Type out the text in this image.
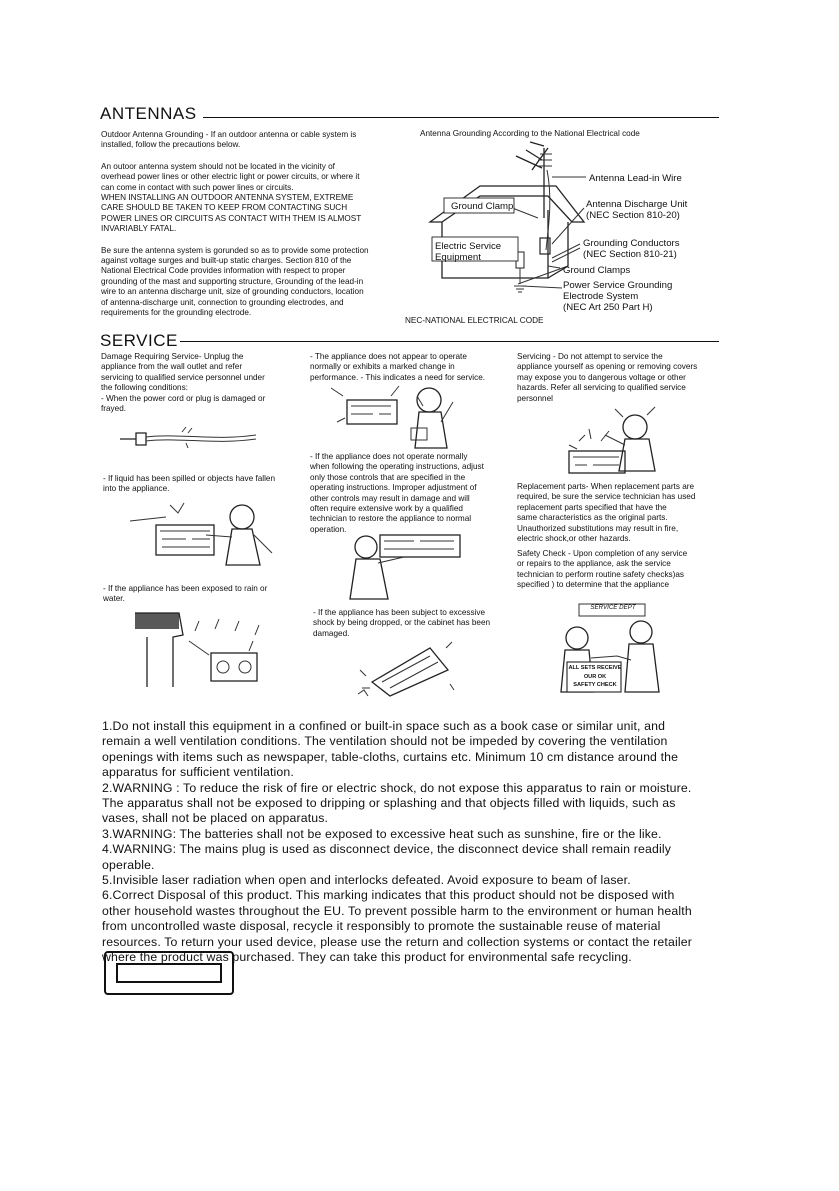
ANTENNAS

Outdoor Antenna Grounding - If an outdoor antenna or cable system is
installed, follow the precautions below.

An outoor antenna system should not be located in the vicinity of
overhead power lines or other electric light or power circuits, or where it
can come in contact with such power lines or circuits.
WHEN INSTALLING AN OUTDOOR ANTENNA SYSTEM, EXTREME
CARE SHOULD BE TAKEN TO KEEP FROM CONTACTING SUCH
POWER LINES OR CIRCUITS AS CONTACT WITH THEM IS ALMOST
INVARIABLY FATAL.

Be sure the antenna system is gorunded so as to provide some protection
against voltage surges and built-up static charges. Section 810 of the
National Electrical Code provides information with respect to proper
grounding of the mast and supporting structure, Grounding of the lead-in
wire to an antenna discharge unit, size of grounding conductors, location
of antenna-discharge unit, connection to grounding electrodes, and
requirements for the grounding electrode.

Antenna Grounding According to the National Electrical code
Ground Clamp
Antenna Lead-in Wire
Antenna Discharge Unit
(NEC Section 810-20)
Electric Service
Equipment
Grounding Conductors
(NEC Section 810-21)
Ground Clamps
Power Service Grounding
Electrode System
(NEC Art 250 Part H)
NEC-NATIONAL ELECTRICAL CODE
SERVICE

Damage Requiring Service- Unplug the
appliance from the wall outlet and refer
servicing to qualified service personnel under
the following conditions:
- When the power cord or plug is damaged or
frayed.

- If liquid has been spilled or objects have fallen
into the appliance.

- If the appliance has been exposed to rain or
water.

- The appliance does not appear to operate
normally or exhibits a marked change in
performance. - This indicates a need for service.

- If the appliance does not operate normally
when following the operating instructions, adjust
only those controls that are specified in the
operating instructions. Improper adjustment of
other controls may result in damage and will
often require extensive work by a qualified
technician to restore the appliance to normal
operation.

- If the appliance has been subject to excessive
shock by being dropped, or the cabinet has been
damaged.

Servicing - Do not attempt to service the
appliance yourself as opening or removing covers
may expose you to dangerous voltage or other
hazards. Refer all servicing to qualified service
personnel

Replacement parts- When replacement parts are
required, be sure the service technician has used
replacement parts specified that have the
same characteristics as the original parts.
Unauthorized substitutions may result in fire,
electric shock,or other hazards.

Safety Check - Upon completion of any service
or repairs to the appliance, ask the service
technician to perform routine safety checks)as
specified ) to determine that the appliance

SERVICE DEPT
ALL SETS RECEIVE
OUR OK
SAFETY CHECK
1.Do not install this equipment in a confined or built-in space such as a book case or similar unit, and
remain a well ventilation conditions. The ventilation should not be impeded by covering the ventilation
openings with items such as newspaper, table-cloths, curtains etc. Minimum 10 cm distance around the
apparatus for sufficient ventilation.
2.WARNING : To reduce the risk of fire or electric shock, do not expose this apparatus to rain or moisture.
The apparatus shall not be exposed to dripping or splashing and that objects filled with liquids, such as
vases, shall not be placed on apparatus.
3.WARNING: The batteries shall not be exposed to excessive heat such as sunshine, fire or the like.
4.WARNING: The mains plug is used as disconnect device, the disconnect device shall remain readily
operable.
5.Invisible laser radiation when open and interlocks defeated. Avoid exposure to beam of laser.
6.Correct Disposal of this product. This marking indicates that this product should not be disposed with
other household wastes throughout the EU. To prevent possible harm to the environment or human health
from uncontrolled waste disposal, recycle it responsibly to promote the sustainable reuse of material
resources. To return your used device, please use the return and collection systems or contact the retailer
where the product was purchased. They can take this product for environmental safe recycling.
